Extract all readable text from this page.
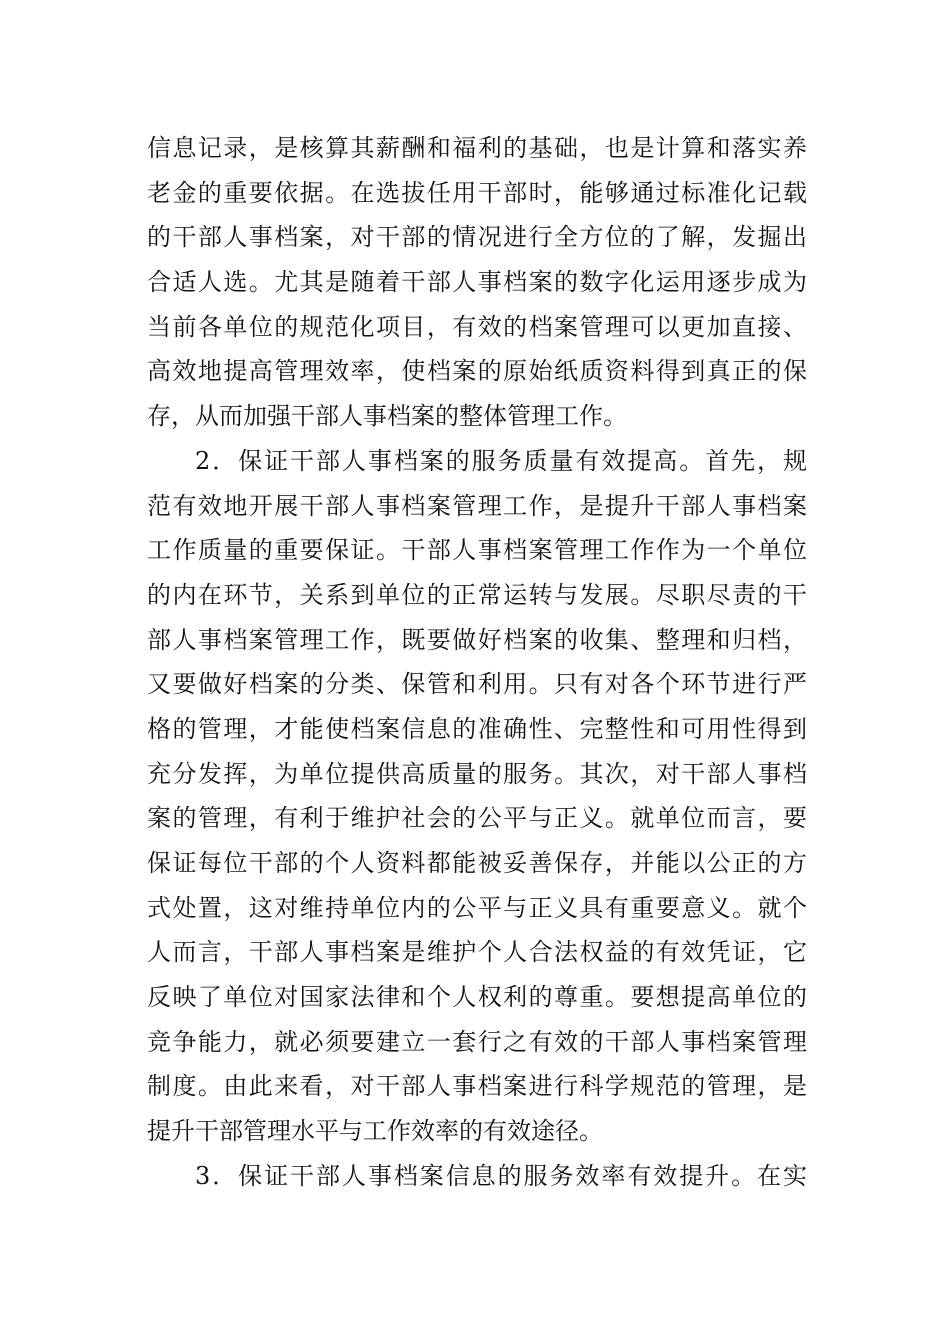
信息记录，是核算其薪酬和福利的基础，也是计算和落实养
老金的重要依据。在选拔任用干部时，能够通过标准化记载
的干部人事档案，对干部的情况进行全方位的了解，发掘出
合适人选。尤其是随着干部人事档案的数字化运用逐步成为
当前各单位的规范化项目，有效的档案管理可以更加直接、
高效地提高管理效率，使档案的原始纸质资料得到真正的保
存，从而加强干部人事档案的整体管理工作。
2．保证干部人事档案的服务质量有效提高。首先，规
范有效地开展干部人事档案管理工作，是提升干部人事档案
工作质量的重要保证。干部人事档案管理工作作为一个单位
的内在环节，关系到单位的正常运转与发展。尽职尽责的干
部人事档案管理工作，既要做好档案的收集、整理和归档，
又要做好档案的分类、保管和利用。只有对各个环节进行严
格的管理，才能使档案信息的准确性、完整性和可用性得到
充分发挥，为单位提供高质量的服务。其次，对干部人事档
案的管理，有利于维护社会的公平与正义。就单位而言，要
保证每位干部的个人资料都能被妥善保存，并能以公正的方
式处置，这对维持单位内的公平与正义具有重要意义。就个
人而言，干部人事档案是维护个人合法权益的有效凭证，它
反映了单位对国家法律和个人权利的尊重。要想提高单位的
竞争能力，就必须要建立一套行之有效的干部人事档案管理
制度。由此来看，对干部人事档案进行科学规范的管理，是
提升干部管理水平与工作效率的有效途径。
3．保证干部人事档案信息的服务效率有效提升。在实
